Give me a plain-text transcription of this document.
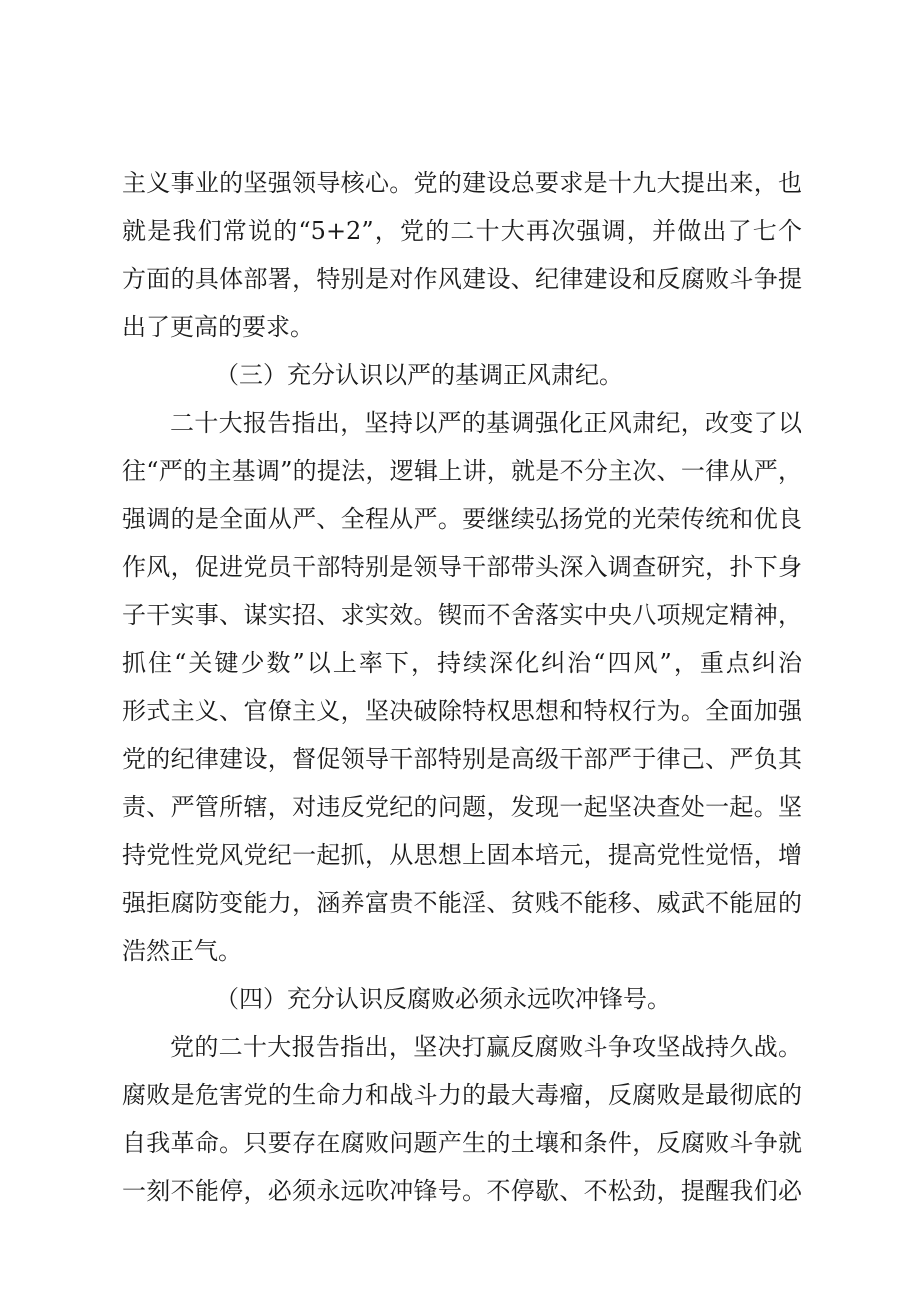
主义事业的坚强领导核心。党的建设总要求是十九大提出来，也
就是我们常说的“5+2”，党的二十大再次强调，并做出了七个
方面的具体部署，特别是对作风建设、纪律建设和反腐败斗争提
出了更高的要求。
（三）充分认识以严的基调正风肃纪。
二十大报告指出，坚持以严的基调强化正风肃纪，改变了以
往“严的主基调”的提法，逻辑上讲，就是不分主次、一律从严，
强调的是全面从严、全程从严。要继续弘扬党的光荣传统和优良
作风，促进党员干部特别是领导干部带头深入调查研究，扑下身
子干实事、谋实招、求实效。锲而不舍落实中央八项规定精神，
抓住“关键少数”以上率下，持续深化纠治“四风”，重点纠治
形式主义、官僚主义，坚决破除特权思想和特权行为。全面加强
党的纪律建设，督促领导干部特别是高级干部严于律己、严负其
责、严管所辖，对违反党纪的问题，发现一起坚决查处一起。坚
持党性党风党纪一起抓，从思想上固本培元，提高党性觉悟，增
强拒腐防变能力，涵养富贵不能淫、贫贱不能移、威武不能屈的
浩然正气。
（四）充分认识反腐败必须永远吹冲锋号。
党的二十大报告指出，坚决打赢反腐败斗争攻坚战持久战。
腐败是危害党的生命力和战斗力的最大毒瘤，反腐败是最彻底的
自我革命。只要存在腐败问题产生的土壤和条件，反腐败斗争就
一刻不能停，必须永远吹冲锋号。不停歇、不松劲，提醒我们必
